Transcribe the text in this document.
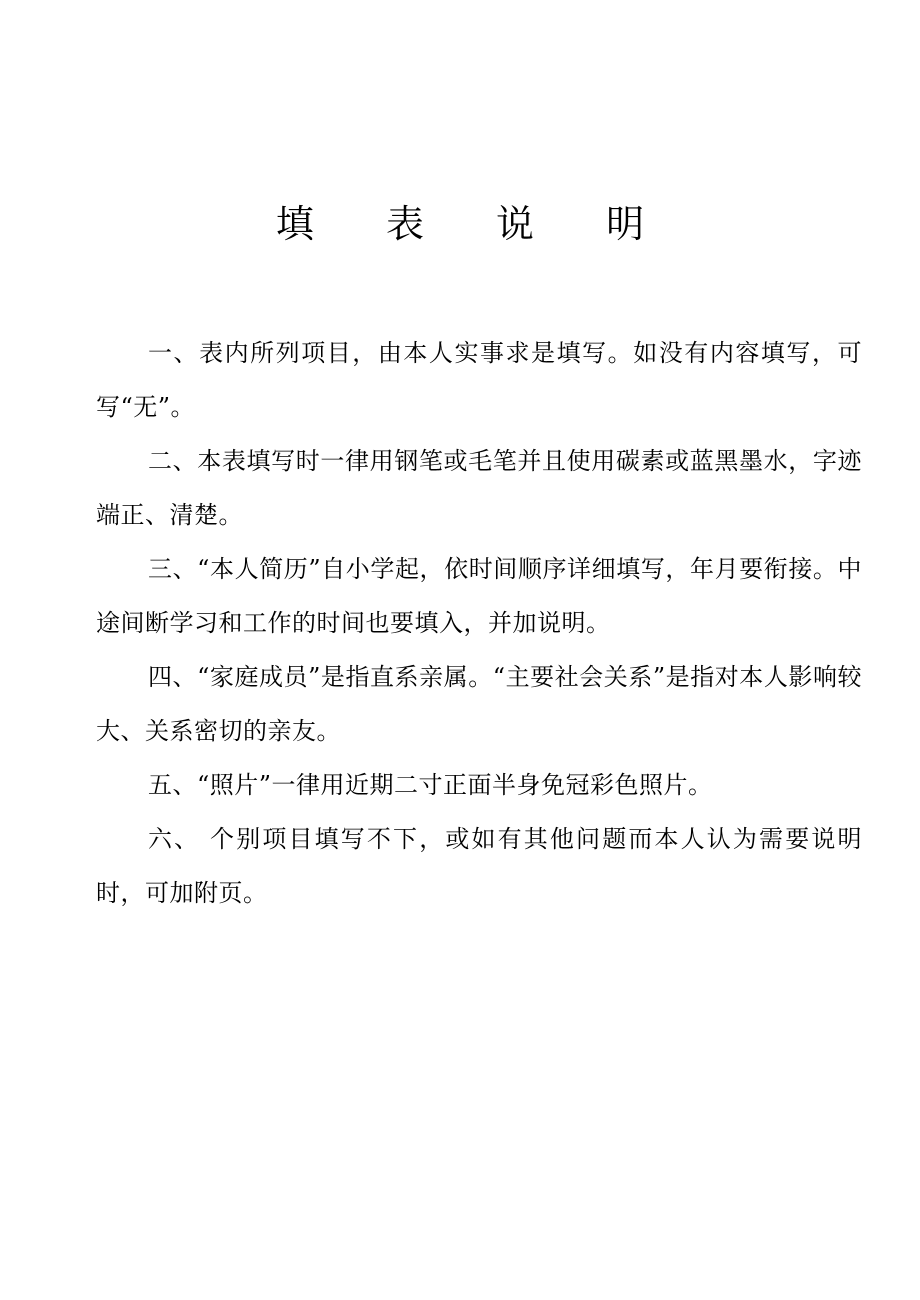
填 表 说 明

一、表内所列项目，由本人实事求是填写。如没有内容填写，可写“无”。

二、本表填写时一律用钢笔或毛笔并且使用碳素或蓝黑墨水，字迹端正、清楚。

三、“本人简历”自小学起，依时间顺序详细填写，年月要衔接。中途间断学习和工作的时间也要填入，并加说明。

四、“家庭成员”是指直系亲属。“主要社会关系”是指对本人影响较大、关系密切的亲友。

五、“照片”一律用近期二寸正面半身免冠彩色照片。

六、 个别项目填写不下，或如有其他问题而本人认为需要说明时，可加附页。
